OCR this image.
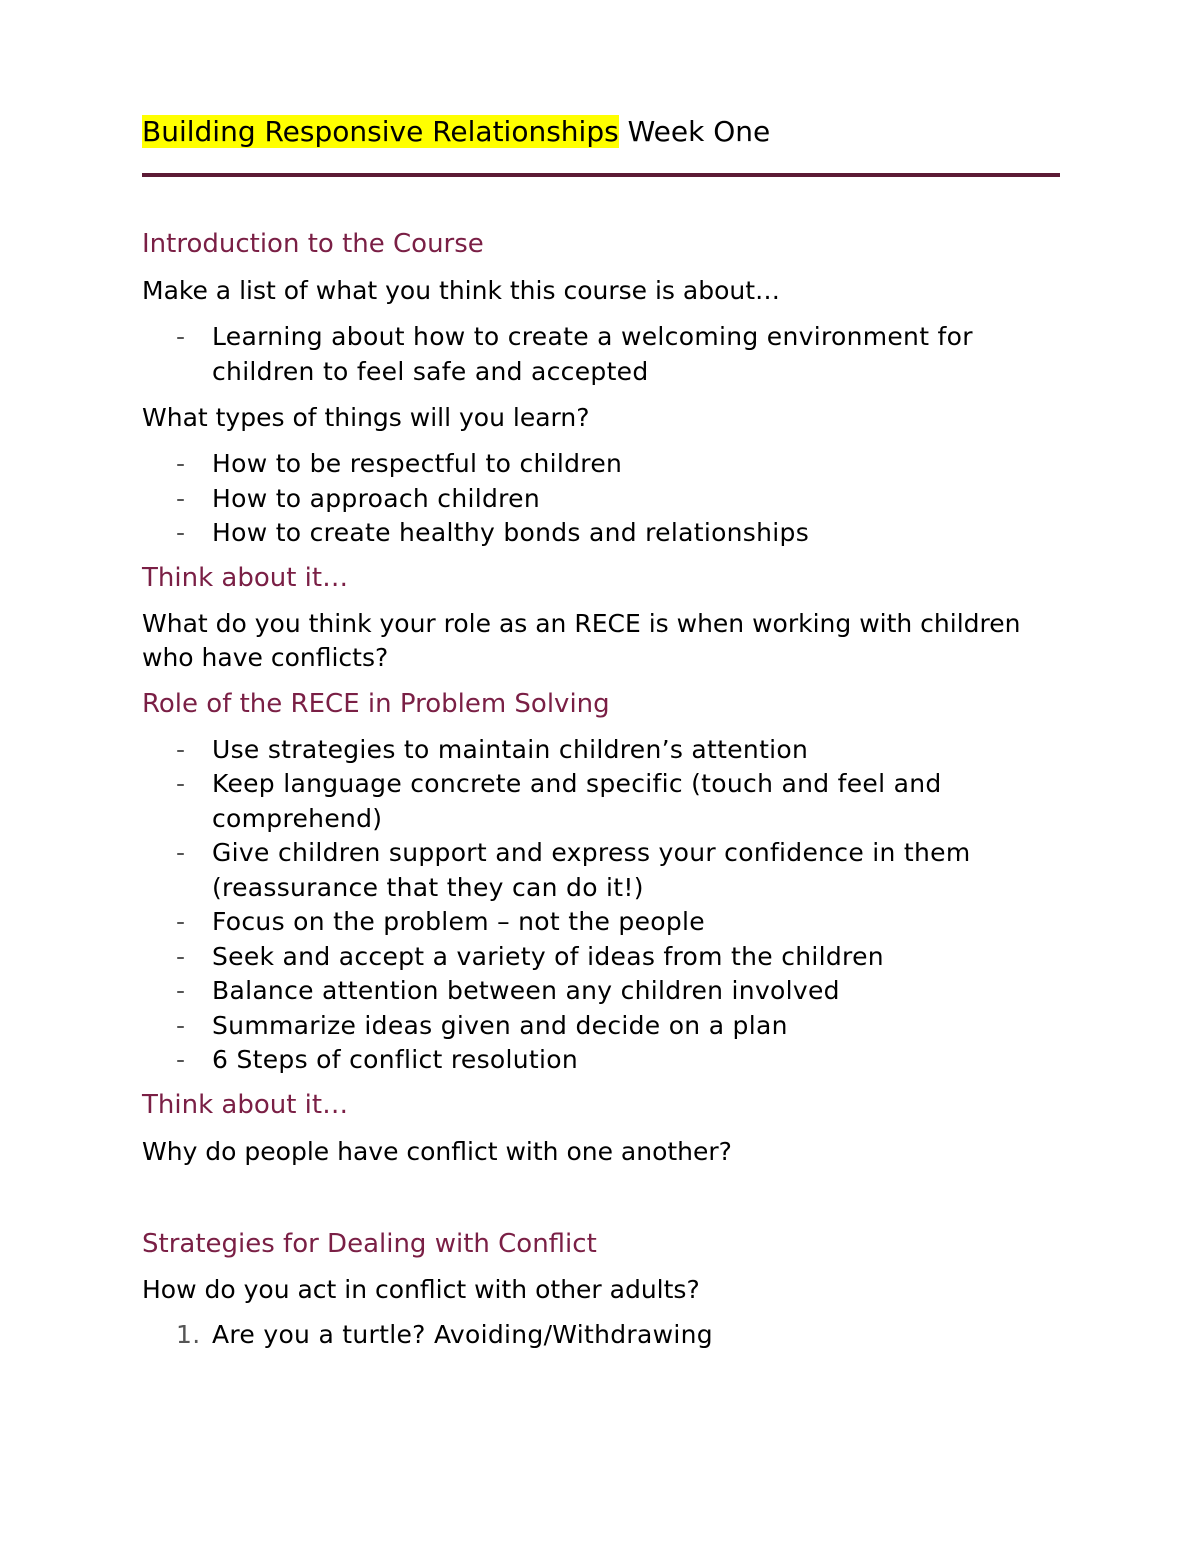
Building Responsive Relationships Week One
Introduction to the Course

Make a list of what you think this course is about…

- Learning about how to create a welcoming environment for children to feel safe and accepted

What types of things will you learn?

- How to be respectful to children
- How to approach children
- How to create healthy bonds and relationships
Think about it…

What do you think your role as an RECE is when working with children who have conflicts?

Role of the RECE in Problem Solving
- Use strategies to maintain children’s attention
- Keep language concrete and specific (touch and feel and comprehend)
- Give children support and express your confidence in them (reassurance that they can do it!)
- Focus on the problem – not the people
- Seek and accept a variety of ideas from the children
- Balance attention between any children involved
- Summarize ideas given and decide on a plan
- 6 Steps of conflict resolution
Think about it…

Why do people have conflict with one another?

Strategies for Dealing with Conflict

How do you act in conflict with other adults?

1. Are you a turtle? Avoiding/Withdrawing
